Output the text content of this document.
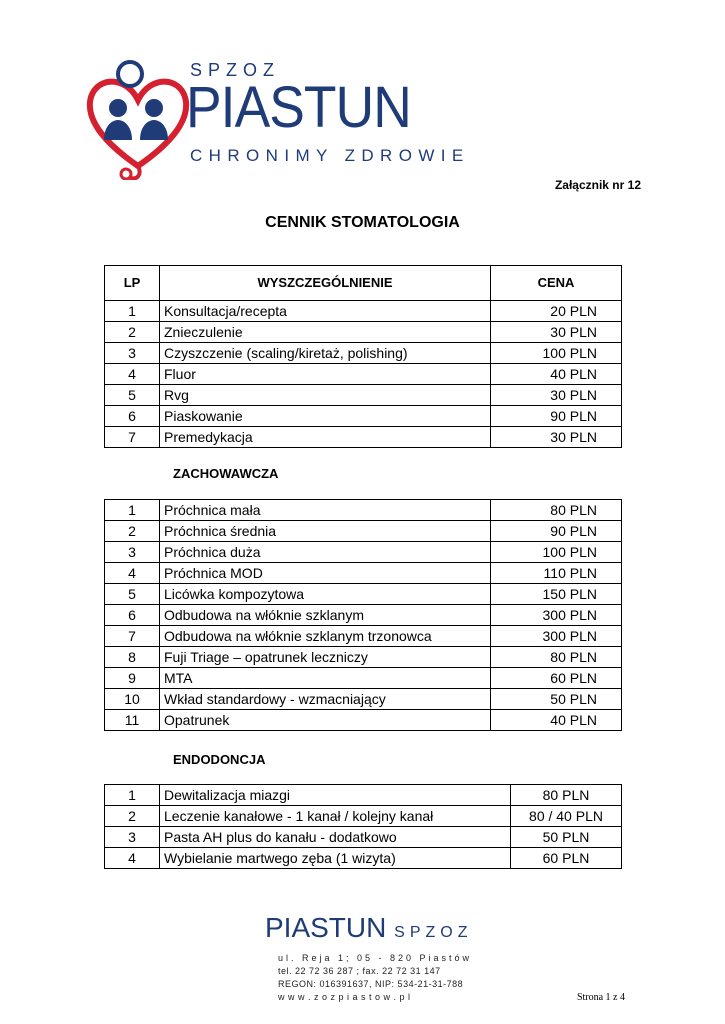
SPZOZ
PIASTUN
CHRONIMY ZDROWIE
Załącznik nr 12
CENNIK STOMATOLOGIA
LP	WYSZCZEGÓLNIENIE	CENA
1	Konsultacja/recepta	20 PLN
2	Znieczulenie	30 PLN
3	Czyszczenie (scaling/kiretaż, polishing)	100 PLN
4	Fluor	40 PLN
5	Rvg	30 PLN
6	Piaskowanie	90 PLN
7	Premedykacja	30 PLN
ZACHOWAWCZA
1	Próchnica mała	80 PLN
2	Próchnica średnia	90 PLN
3	Próchnica duża	100 PLN
4	Próchnica MOD	110 PLN
5	Licówka kompozytowa	150 PLN
6	Odbudowa na włóknie szklanym	300 PLN
7	Odbudowa na włóknie szklanym trzonowca	300 PLN
8	Fuji Triage – opatrunek leczniczy	80 PLN
9	MTA	60 PLN
10	Wkład standardowy - wzmacniający	50 PLN
11	Opatrunek	40 PLN
ENDODONCJA
1	Dewitalizacja miazgi	80 PLN
2	Leczenie kanałowe - 1 kanał / kolejny kanał	80 / 40 PLN
3	Pasta AH plus do kanału - dodatkowo	50 PLN
4	Wybielanie martwego zęba (1 wizyta)	60 PLN
PIASTUN SPZOZ
ul. Reja 1; 05 - 820 Piastów
tel. 22 72 36 287 ; fax. 22 72 31 147
REGON: 016391637, NIP: 534-21-31-788
w w w . z o z p i a s t o w . p l	Strona 1 z 4
